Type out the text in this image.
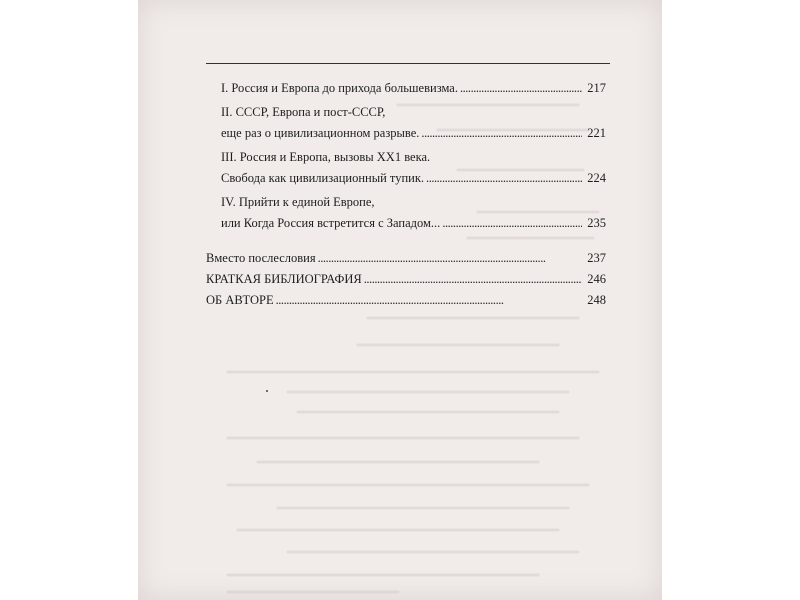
I. Россия и Европа до прихода большевизма. . . .	217
II. СССР, Европа и пост-СССР,
еще раз о цивилизационном разрыве. . . .	221
III. Россия и Европа, вызовы XX1 века.
Свобода как цивилизационный тупик. . . .	224
IV. Прийти к единой Европе,
или Когда Россия встретится с Западом... . . .	235
Вместо послесловия . . .	237
КРАТКАЯ БИБЛИОГРАФИЯ . . .	246
ОБ АВТОРЕ . . .	248
